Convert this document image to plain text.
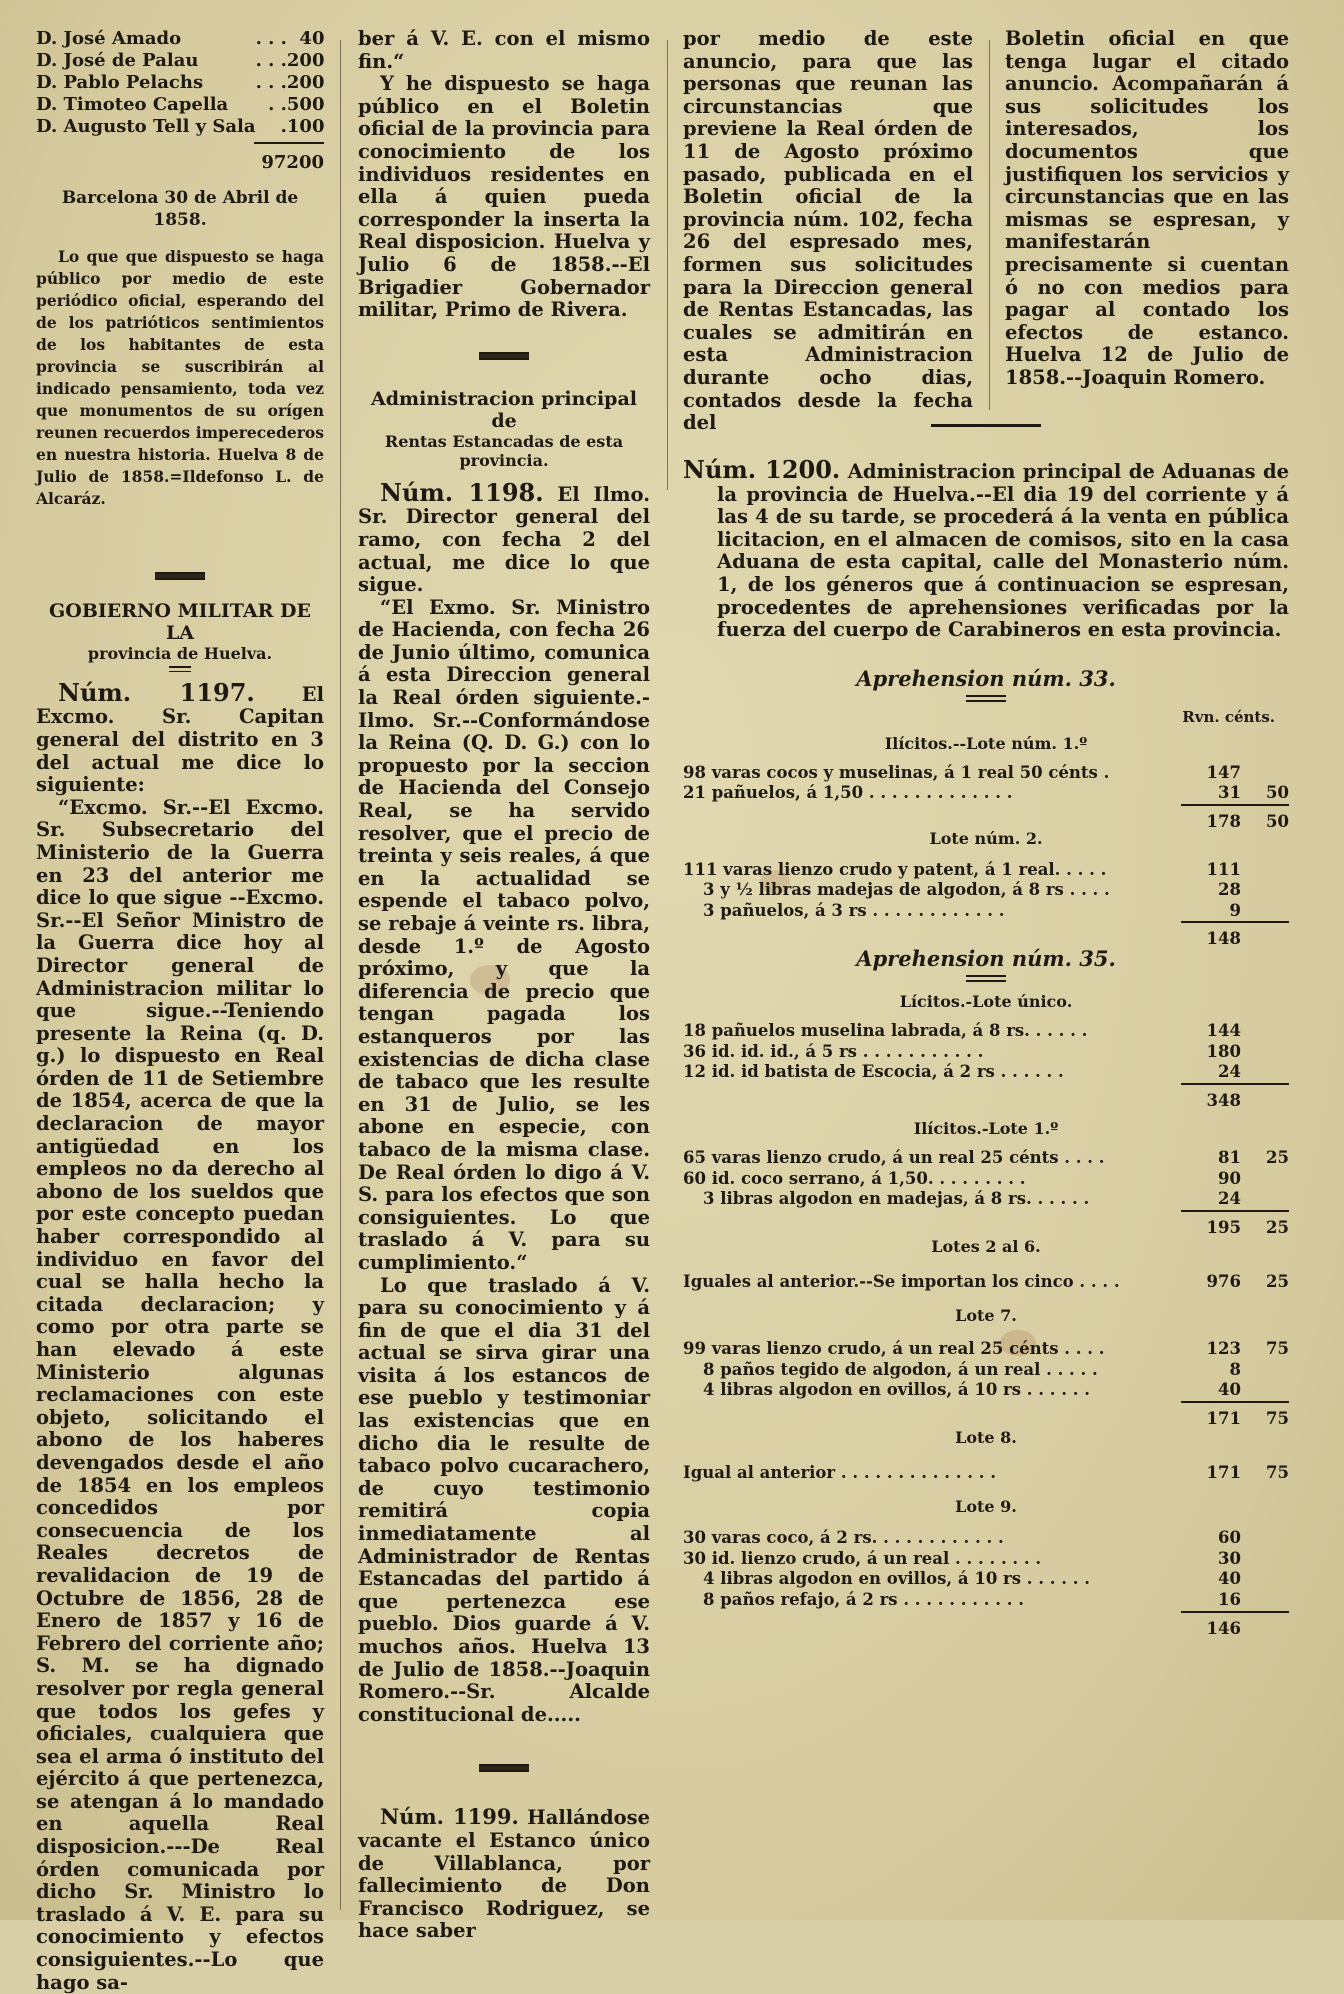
D. José Amado	. . .	40
D. José de Palau	. . .	200
D. Pablo Pelachs	. . .	200
D. Timoteo Capella	. .	500
D. Augusto Tell y Sala	.	100

97200

Barcelona 30 de Abril de 1858.

Lo que que dispuesto se haga público por medio de este periódico oficial, esperando del de los patrióticos sentimientos de los habitantes de esta provincia se suscribirán al indicado pensamiento, toda vez que monumentos de su orígen reunen recuerdos imperecederos en nuestra historia. Huelva 8 de Julio de 1858.=Ildefonso L. de Alcaráz.

GOBIERNO MILITAR DE LA

provincia de Huelva.

Núm. 1197. El Excmo. Sr. Capitan general del distrito en 3 del actual me dice lo siguiente:

“Excmo. Sr.--El Excmo. Sr. Subsecretario del Ministerio de la Guerra en 23 del anterior me dice lo que sigue --Excmo. Sr.--El Señor Ministro de la Guerra dice hoy al Director general de Administracion militar lo que sigue.--Teniendo presente la Reina (q. D. g.) lo dispuesto en Real órden de 11 de Setiembre de 1854, acerca de que la declaracion de mayor antigüedad en los empleos no da derecho al abono de los sueldos que por este concepto puedan haber correspondido al individuo en favor del cual se halla hecho la citada declaracion; y como por otra parte se han elevado á este Ministerio algunas reclamaciones con este objeto, solicitando el abono de los haberes devengados desde el año de 1854 en los empleos concedidos por consecuencia de los Reales decretos de revalidacion de 19 de Octubre de 1856, 28 de Enero de 1857 y 16 de Febrero del corriente año; S. M. se ha dignado resolver por regla general que todos los gefes y oficiales, cualquiera que sea el arma ó instituto del ejército á que pertenezca, se atengan á lo mandado en aquella Real disposicion.---De Real órden comunicada por dicho Sr. Ministro lo traslado á V. E. para su conocimiento y efectos consiguientes.--Lo que hago sa-

ber á V. E. con el mismo fin.“

Y he dispuesto se haga público en el Boletin oficial de la provincia para conocimiento de los individuos residentes en ella á quien pueda corresponder la insertа la Real disposicion. Huelva y Julio 6 de 1858.--El Brigadier Gobernador militar, Primo de Rivera.

Administracion principal de

Rentas Estancadas de esta provincia.

Núm. 1198. El Ilmo. Sr. Director general del ramo, con fecha 2 del actual, me dice lo que sigue.

“El Exmo. Sr. Ministro de Hacienda, con fecha 26 de Junio último, comunica á esta Direccion general la Real órden siguiente.-Ilmo. Sr.--Conformándose la Reina (Q. D. G.) con lo propuesto por la seccion de Hacienda del Consejo Real, se ha servido resolver, que el precio de treinta y seis reales, á que en la actualidad se espende el tabaco polvo, se rebaje á veinte rs. libra, desde 1.º de Agosto próximo, y que la diferencia de precio que tengan pagada los estanqueros por las existencias de dicha clase de tabaco que les resulte en 31 de Julio, se les abone en especie, con tabaco de la misma clase. De Real órden lo digo á V. S. para los efectos que son consiguientes. Lo que traslado á V. para su cumplimiento.“

Lo que traslado á V. para su conocimiento y á fin de que el dia 31 del actual se sirva girar una visita á los estancos de ese pueblo y testimoniar las existencias que en dicho dia le resulte de tabaco polvo cucarachero, de cuyo testimonio remitirá copia inmediatamente al Administrador de Rentas Estancadas del partido á que pertenezca ese pueblo. Dios guarde á V. muchos años. Huelva 13 de Julio de 1858.--Joaquin Romero.--Sr. Alcalde constitucional de.....

Núm. 1199. Hallándose vacante el Estanco único de Villablanca, por fallecimiento de Don Francisco Rodriguez, se hace saber

por medio de este anuncio, para que las personas que reunan las circunstancias que previene la Real órden de 11 de Agosto próximo pasado, publicada en el Boletin oficial de la provincia núm. 102, fecha 26 del espresado mes, formen sus solicitudes para la Direccion general de Rentas Estancadas, las cuales se admitirán en esta Administracion durante ocho dias, contados desde la fecha del

Boletin oficial en que tenga lugar el citado anuncio. Acompañarán á sus solicitudes los interesados, los documentos que justifiquen los servicios y circunstancias que en las mismas se espresan, y manifestarán precisamente si cuentan ó no con medios para pagar al contado los efectos de estanco. Huelva 12 de Julio de 1858.--Joaquin Romero.

Núm. 1200. Administracion principal de Aduanas de la provincia de Huelva.--El dia 19 del corriente y á las 4 de su tarde, se procederá á la venta en pública licitacion, en el almacen de comisos, sito en la casa Aduana de esta capital, calle del Monasterio núm. 1, de los géneros que á continuacion se espresan, procedentes de aprehensiones verificadas por la fuerza del cuerpo de Carabineros en esta provincia.

Aprehension núm. 33.

Rvn. cénts.

Ilícitos.--Lote núm. 1.º

98 varas cocos y muselinas, á 1 real 50 cénts .	147	
21 pañuelos, á 1,50 . . . . . . . . . . . . .	31	50
	178	50

Lote núm. 2.

111 varas lienzo crudo y patent, á 1 real. . . . .	111	
3 y ½ libras madejas de algodon, á 8 rs . . . .	28	
3 pañuelos, á 3 rs . . . . . . . . . . . .	9	
	148	

Aprehension núm. 35.

Lícitos.-Lote único.

18 pañuelos muselina labrada, á 8 rs. . . . . .	144	
36 id. id. id., á 5 rs . . . . . . . . . . .	180	
12 id. id batista de Escocia, á 2 rs . . . . . .	24	
	348	

Ilícitos.-Lote 1.º

65 varas lienzo crudo, á un real 25 cénts . . . .	81	25
60 id. coco serrano, á 1,50. . . . . . . . .	90	
3 libras algodon en madejas, á 8 rs. . . . . .	24	
	195	25

Lotes 2 al 6.

Iguales al anterior.--Se importan los cinco . . . .	976	25

Lote 7.

99 varas lienzo crudo, á un real 25 cénts . . . .	123	75
8 paños tegido de algodon, á un real . . . . .	8	
4 libras algodon en ovillos, á 10 rs . . . . . .	40	
	171	75

Lote 8.

Igual al anterior . . . . . . . . . . . . . .	171	75

Lote 9.

30 varas coco, á 2 rs. . . . . . . . . . . .	60	
30 id. lienzo crudo, á un real . . . . . . . .	30	
4 libras algodon en ovillos, á 10 rs . . . . . .	40	
8 paños refajo, á 2 rs . . . . . . . . . . .	16	
	146	
